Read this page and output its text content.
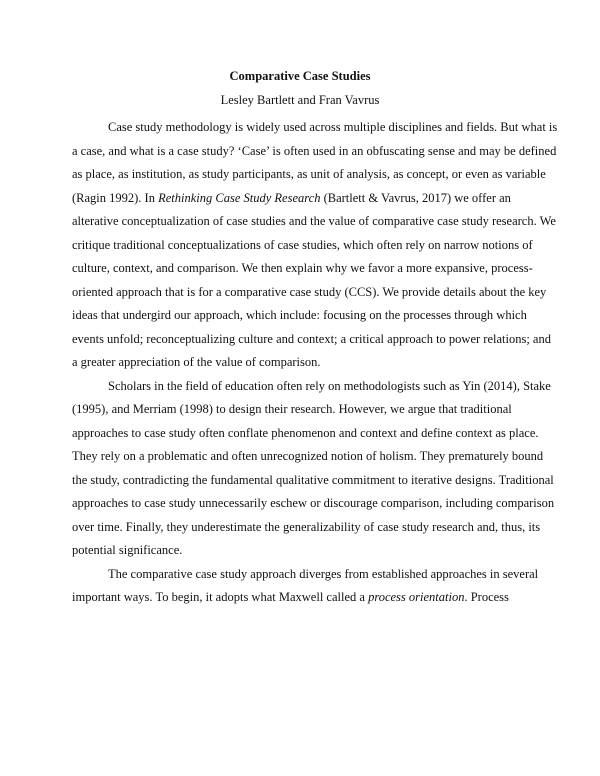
Comparative Case Studies
Lesley Bartlett and Fran Vavrus
Case study methodology is widely used across multiple disciplines and fields. But what is
a case, and what is a case study? ‘Case’ is often used in an obfuscating sense and may be defined
as place, as institution, as study participants, as unit of analysis, as concept, or even as variable
(Ragin 1992). In Rethinking Case Study Research (Bartlett & Vavrus, 2017) we offer an
alterative conceptualization of case studies and the value of comparative case study research. We
critique traditional conceptualizations of case studies, which often rely on narrow notions of
culture, context, and comparison. We then explain why we favor a more expansive, process-
oriented approach that is for a comparative case study (CCS). We provide details about the key
ideas that undergird our approach, which include: focusing on the processes through which
events unfold; reconceptualizing culture and context; a critical approach to power relations; and
a greater appreciation of the value of comparison.
Scholars in the field of education often rely on methodologists such as Yin (2014), Stake
(1995), and Merriam (1998) to design their research. However, we argue that traditional
approaches to case study often conflate phenomenon and context and define context as place.
They rely on a problematic and often unrecognized notion of holism. They prematurely bound
the study, contradicting the fundamental qualitative commitment to iterative designs. Traditional
approaches to case study unnecessarily eschew or discourage comparison, including comparison
over time. Finally, they underestimate the generalizability of case study research and, thus, its
potential significance.
The comparative case study approach diverges from established approaches in several
important ways. To begin, it adopts what Maxwell called a process orientation. Process
